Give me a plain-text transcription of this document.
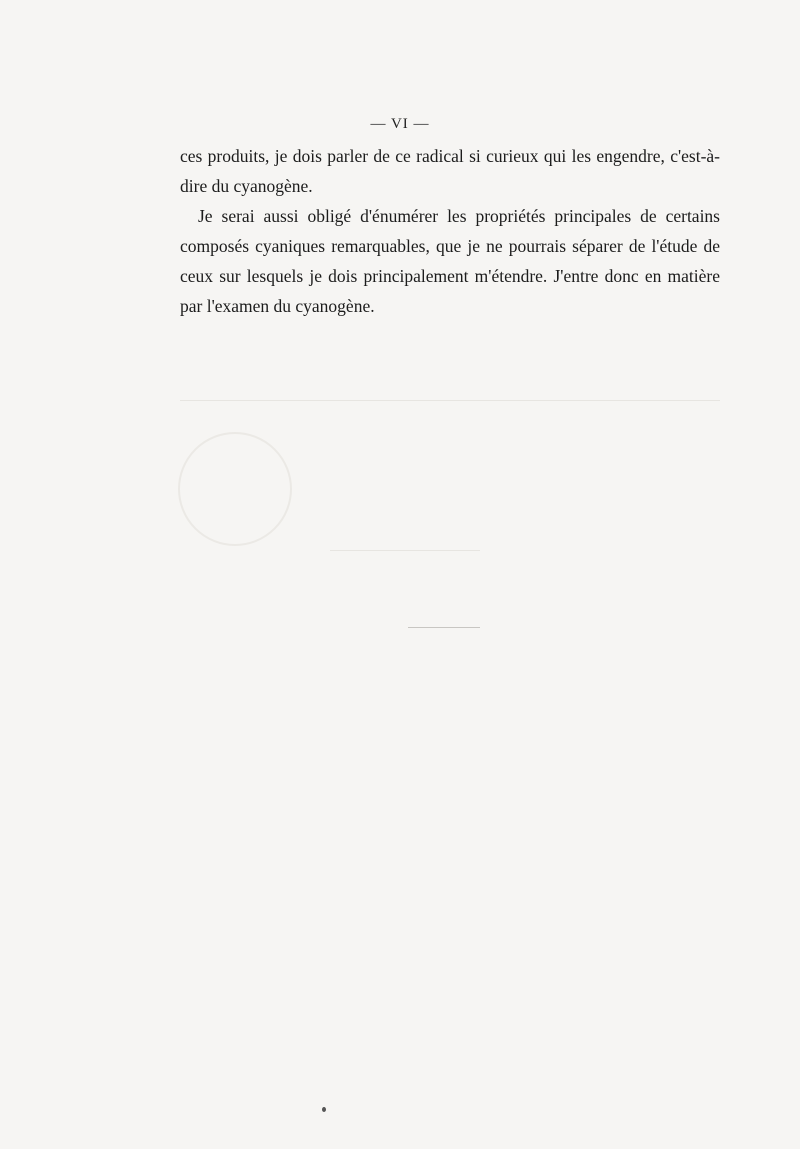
— VI —

ces produits, je dois parler de ce radical si curieux qui les engendre, c'est-à-dire du cyanogène.

Je serai aussi obligé d'énumérer les propriétés principales de certains composés cyaniques remarquables, que je ne pourrais séparer de l'étude de ceux sur lesquels je dois principalement m'étendre. J'entre donc en matière par l'examen du cyanogène.
